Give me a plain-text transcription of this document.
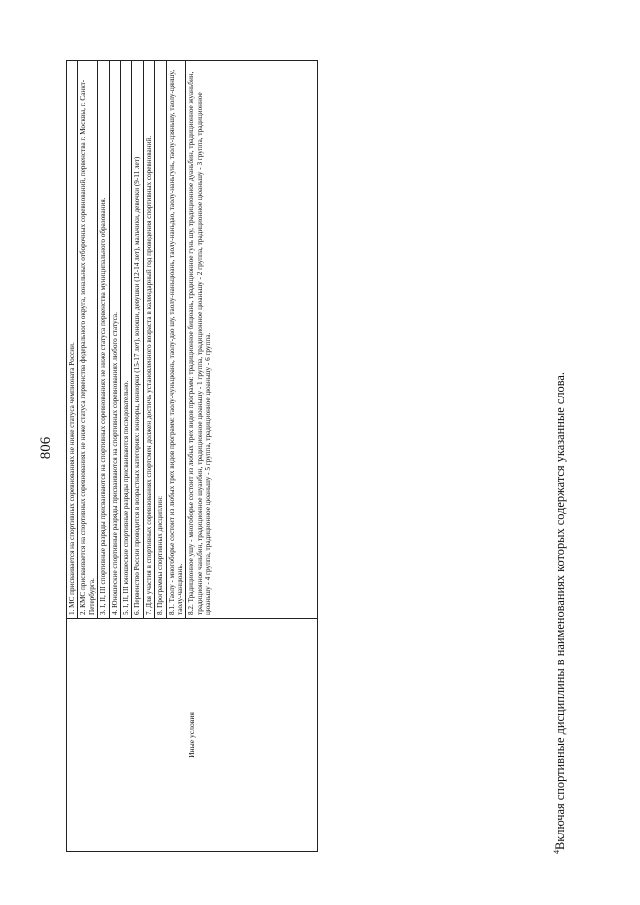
806
Иные условия	
1. МС присваивается на спортивных соревнованиях не ниже статуса чемпионата России. 2. КМС присваивается на спортивных соревнованиях не ниже статуса первенства федерального округа, зональных отборочных соревнований, первенства г. Москвы, г. Санкт-Петербурга. 3. I, II, III спортивные разряды присваиваются на спортивных соревнованиях не ниже статуса первенства муниципального образования. 4. Юношеские спортивные разряды присваиваются на спортивных соревнованиях любого статуса. 5. I, II, III юношеские спортивные разряды присваиваются последовательно. 6. Первенство России проводится в возрастных категориях: юниоры, юниорки (15-17 лет), юноши, девушки (12-14 лет), мальчики, девочки (9-11 лет) 7. Для участия в спортивных соревнованиях спортсмен должен достичь установленного возраста в календарный год проведения спортивных соревнований. 8. Программы спортивных дисциплин: 8.1. Таолу - многоборье состоит из любых трех видов программ: таолу-чуньцюань, таолу-дао шу, таолу-наньцюань, таолу-наньдао, таолу-наньгунь, таолу-цзяньшу, таолу-цяншу, таолу-чанцюань. 8.2. Традиционное ушу - многоборье состоит из любых трех видов программ: традиционное бицюань, традиционное гунь шу, традиционное дуаньбин, традиционное жуаньбин, традиционное чаньбин, традиционное шуанбин, традиционное цюаньшу - 1 группа, традиционное цюаньшу - 2 группа, традиционное цюаньшу - 3 группа, традиционное цюаньшу - 4 группа, традиционное цюаньшу - 5 группа, традиционное цюаньшу - 6 группа.
$^4$Включая спортивные дисциплины в наименованиях которых содержатся указанные слова.
